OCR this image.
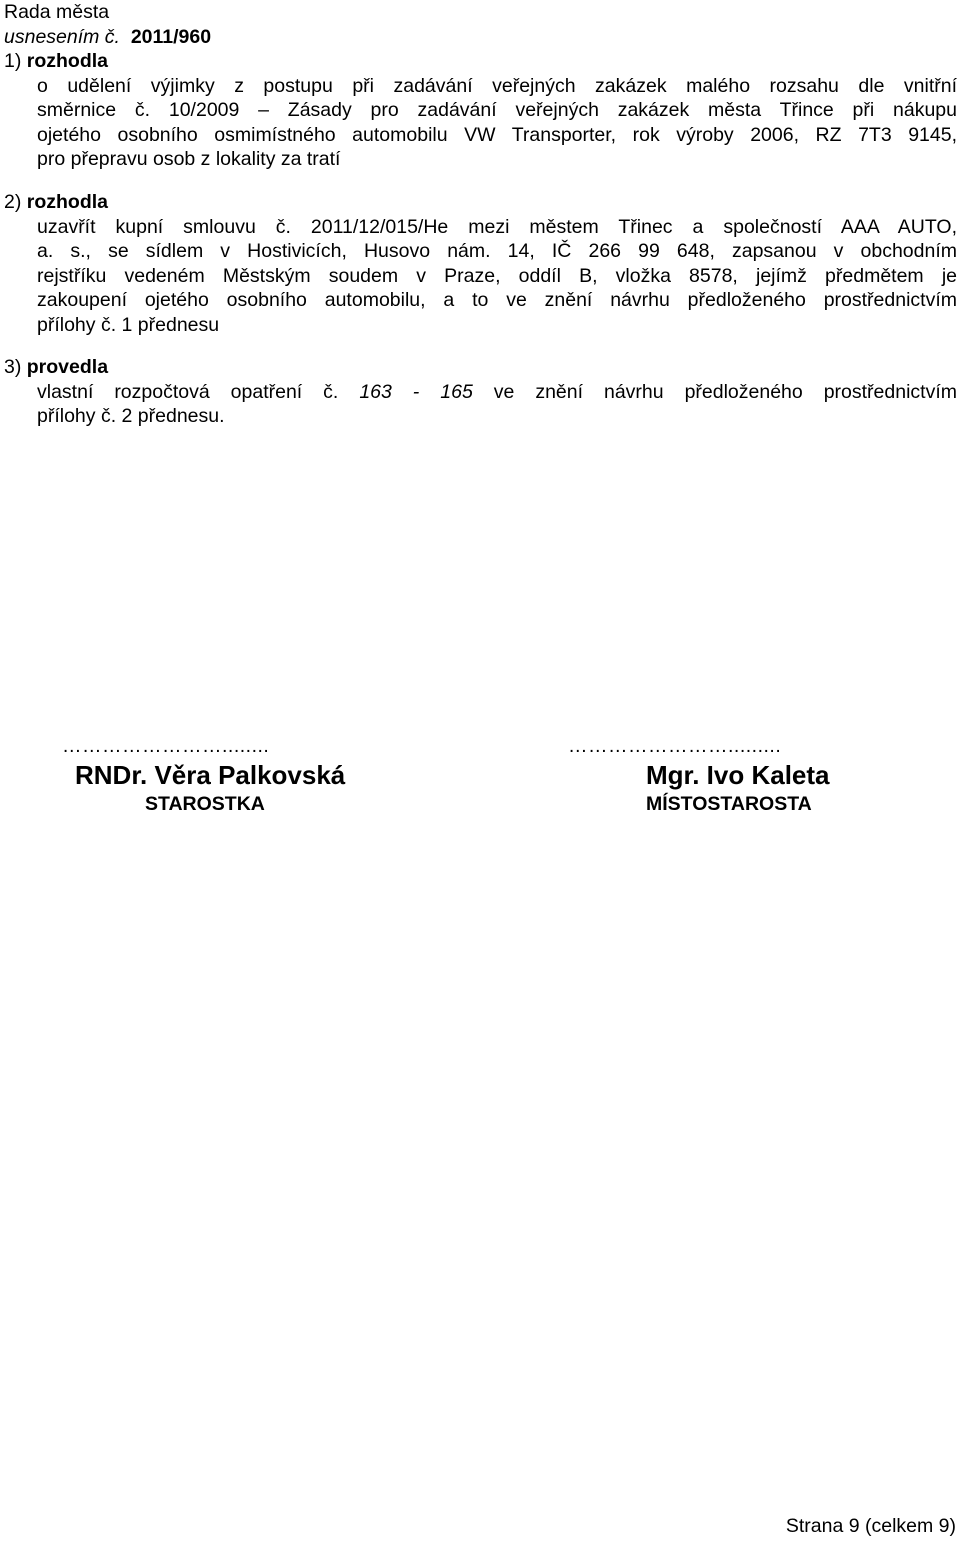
Rada města
usnesením č. 2011/960
1) rozhodla
o udělení výjimky z postupu při zadávání veřejných zakázek malého rozsahu dle vnitřní
směrnice č. 10/2009 – Zásady pro zadávání veřejných zakázek města Třince při nákupu
ojetého osobního osmimístného automobilu VW Transporter, rok výroby 2006, RZ 7T3 9145,
pro přepravu osob z lokality za tratí
2) rozhodla
uzavřít kupní smlouvu č. 2011/12/015/He mezi městem Třinec a společností AAA AUTO,
a. s., se sídlem v Hostivicích, Husovo nám. 14, IČ 266 99 648, zapsanou v obchodním
rejstříku vedeném Městským soudem v Praze, oddíl B, vložka 8578, jejímž předmětem je
zakoupení ojetého osobního automobilu, a to ve znění návrhu předloženého prostřednictvím
přílohy č. 1 přednesu
3) provedla
vlastní rozpočtová opatření č. 163 - 165 ve znění návrhu předloženého prostřednictvím
přílohy č. 2 přednesu.
……………………........
RNDr. Věra Palkovská
STAROSTKA
…………………….........
Mgr. Ivo Kaleta
MÍSTOSTAROSTA
Strana 9 (celkem 9)
